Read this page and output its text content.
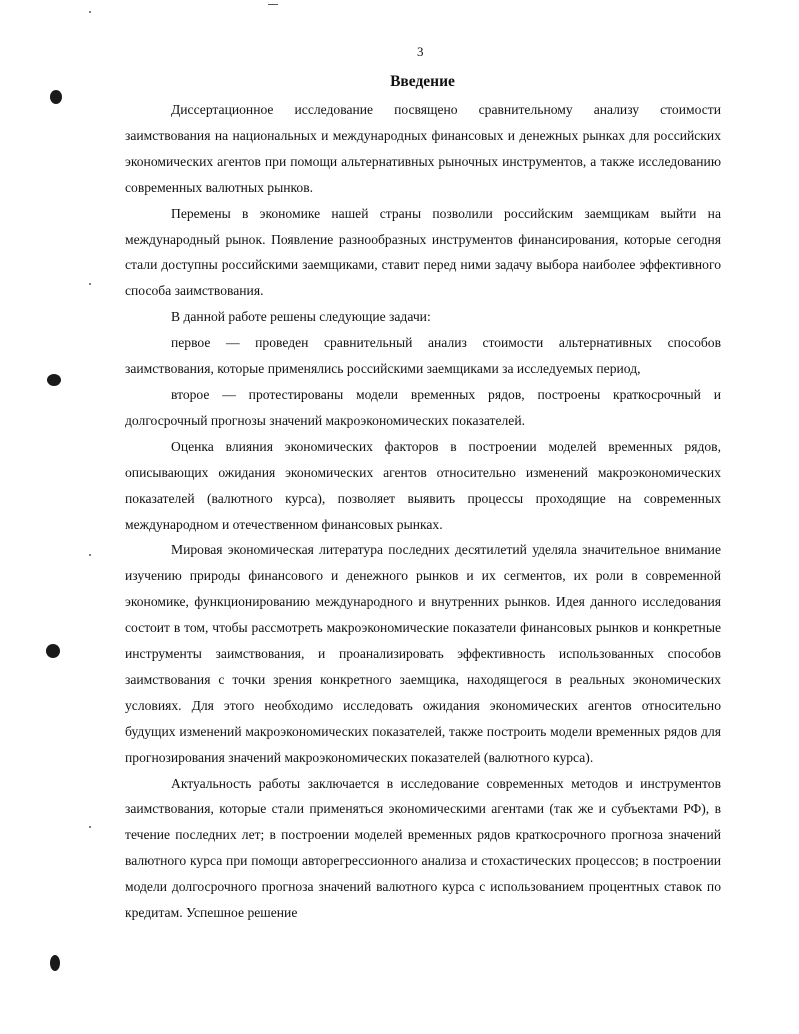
3
Введение

Диссертационное исследование посвящено сравнительному анализу стоимости заимствования на национальных и международных финансовых и денежных рынках для российских экономических агентов при помощи альтернативных рыночных инструментов, а также исследованию современных валютных рынков.

Перемены в экономике нашей страны позволили российским заемщикам выйти на международный рынок. Появление разнообразных инструментов финансирования, которые сегодня стали доступны российскими заемщиками, ставит перед ними задачу выбора наиболее эффективного способа заимствования.

В данной работе решены следующие задачи:

первое — проведен сравнительный анализ стоимости альтернативных способов заимствования, которые применялись российскими заемщиками за исследуемых период,

второе — протестированы модели временных рядов, построены краткосрочный и долгосрочный прогнозы значений макроэкономических показателей.

Оценка влияния экономических факторов в построении моделей временных рядов, описывающих ожидания экономических агентов относительно изменений макроэкономических показателей (валютного курса), позволяет выявить процессы проходящие на современных международном и отечественном финансовых рынках.

Мировая экономическая литература последних десятилетий уделяла значительное внимание изучению природы финансового и денежного рынков и их сегментов, их роли в современной экономике, функционированию международного и внутренних рынков. Идея данного исследования состоит в том, чтобы рассмотреть макроэкономические показатели финансовых рынков и конкретные инструменты заимствования, и проанализировать эффективность использованных способов заимствования с точки зрения конкретного заемщика, находящегося в реальных экономических условиях. Для этого необходимо исследовать ожидания экономических агентов относительно будущих изменений макроэкономических показателей, также построить модели временных рядов для прогнозирования значений макроэкономических показателей (валютного курса).

Актуальность работы заключается в исследование современных методов и инструментов заимствования, которые стали применяться экономическими агентами (так же и субъектами РФ), в течение последних лет; в построении моделей временных рядов краткосрочного прогноза значений валютного курса при помощи авторегрессионного анализа и стохастических процессов; в построении модели долгосрочного прогноза значений валютного курса с использованием процентных ставок по кредитам. Успешное решение
